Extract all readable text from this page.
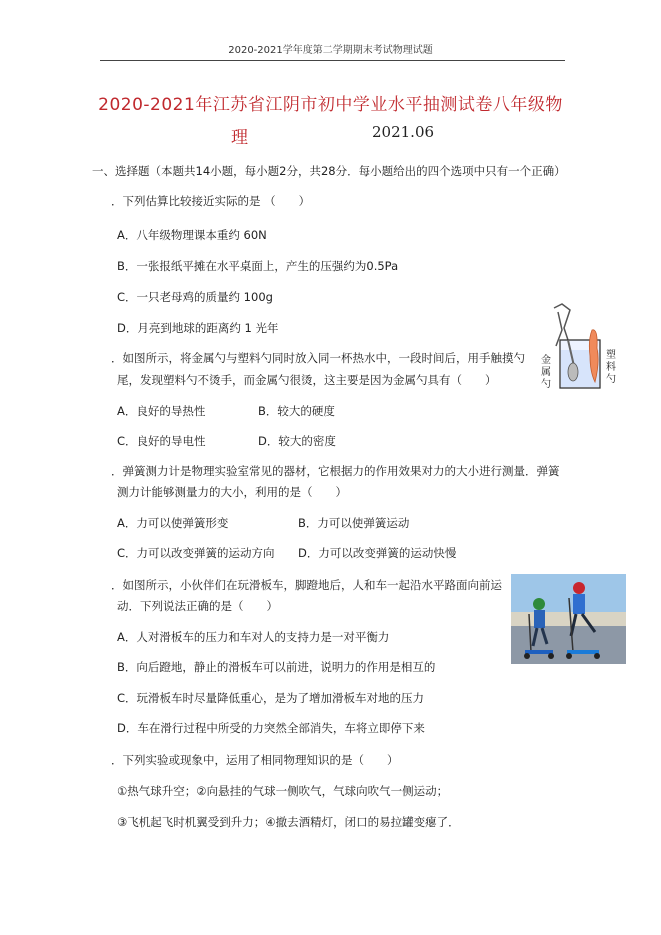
2020-2021学年度第二学期期末考试物理试题
2020-2021年江苏省江阴市初中学业水平抽测试卷八年级物
理	2021.06
一、选择题（本题共14小题，每小题2分，共28分．每小题给出的四个选项中只有一个正确）
．下列估算比较接近实际的是 （　　）
A．八年级物理课本重约 60N
B．一张报纸平摊在水平桌面上，产生的压强约为0.5Pa
C．一只老母鸡的质量约 100g
D．月亮到地球的距离约 1 光年
．如图所示，将金属勺与塑料勺同时放入同一杯热水中，一段时间后，用手触摸勺
尾，发现塑料勺不烫手，而金属勺很烫，这主要是因为金属勺具有（　　）
A．良好的导热性	B．较大的硬度
C．良好的导电性	D．较大的密度
金属勺
塑料勺
．弹簧测力计是物理实验室常见的器材，它根据力的作用效果对力的大小进行测量．弹簧
测力计能够测量力的大小，利用的是（　　）
A．力可以使弹簧形变	B．力可以使弹簧运动
C．力可以改变弹簧的运动方向 D．力可以改变弹簧的运动快慢
．如图所示，小伙伴们在玩滑板车，脚蹬地后，人和车一起沿水平路面向前运
动．下列说法正确的是（　　）
A．人对滑板车的压力和车对人的支持力是一对平衡力
B．向后蹬地，静止的滑板车可以前进，说明力的作用是相互的
C．玩滑板车时尽量降低重心，是为了增加滑板车对地的压力
D．车在滑行过程中所受的力突然全部消失，车将立即停下来
．下列实验或现象中，运用了相同物理知识的是（　　）
①热气球升空；②向悬挂的气球一侧吹气，气球向吹气一侧运动；
③飞机起飞时机翼受到升力；④撤去酒精灯，闭口的易拉罐变瘪了．
